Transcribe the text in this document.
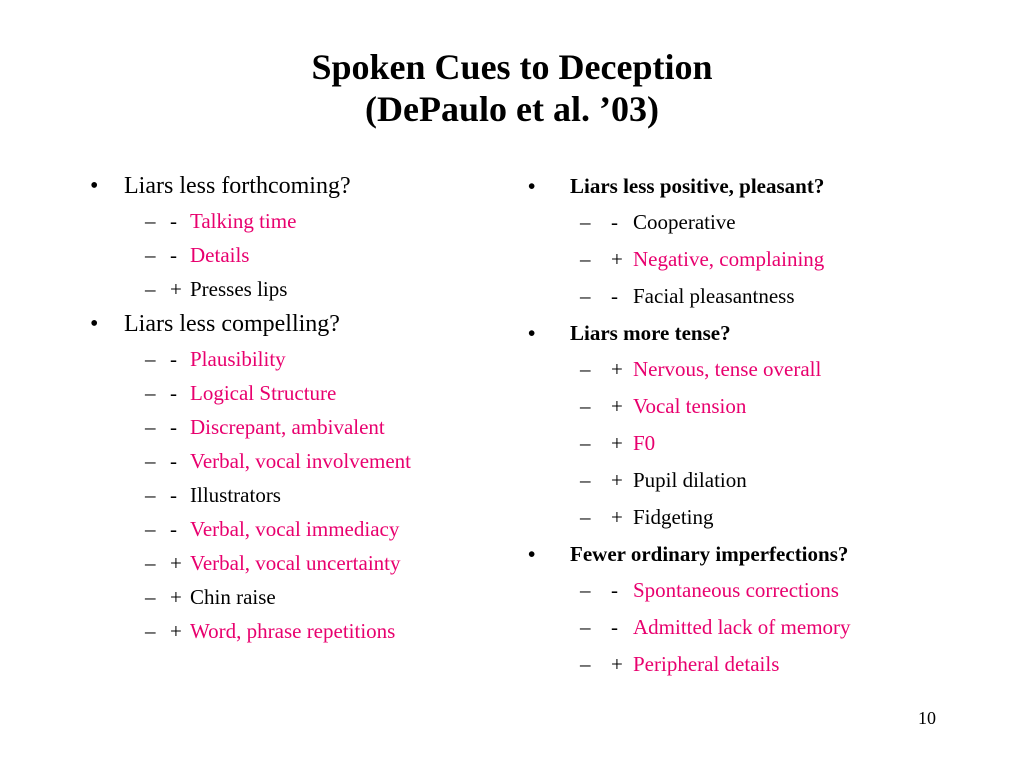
Spoken Cues to Deception
(DePaulo et al. ’03)
• Liars less forthcoming?
– - Talking time
– - Details
– + Presses lips
• Liars less compelling?
– - Plausibility
– - Logical Structure
– - Discrepant, ambivalent
– - Verbal, vocal involvement
– - Illustrators
– - Verbal, vocal immediacy
– + Verbal, vocal uncertainty
– + Chin raise
– + Word, phrase repetitions
• Liars less positive, pleasant?
– - Cooperative
– + Negative, complaining
– - Facial pleasantness
• Liars more tense?
– + Nervous, tense overall
– + Vocal tension
– + F0
– + Pupil dilation
– + Fidgeting
• Fewer ordinary imperfections?
– - Spontaneous corrections
– - Admitted lack of memory
– + Peripheral details
10
